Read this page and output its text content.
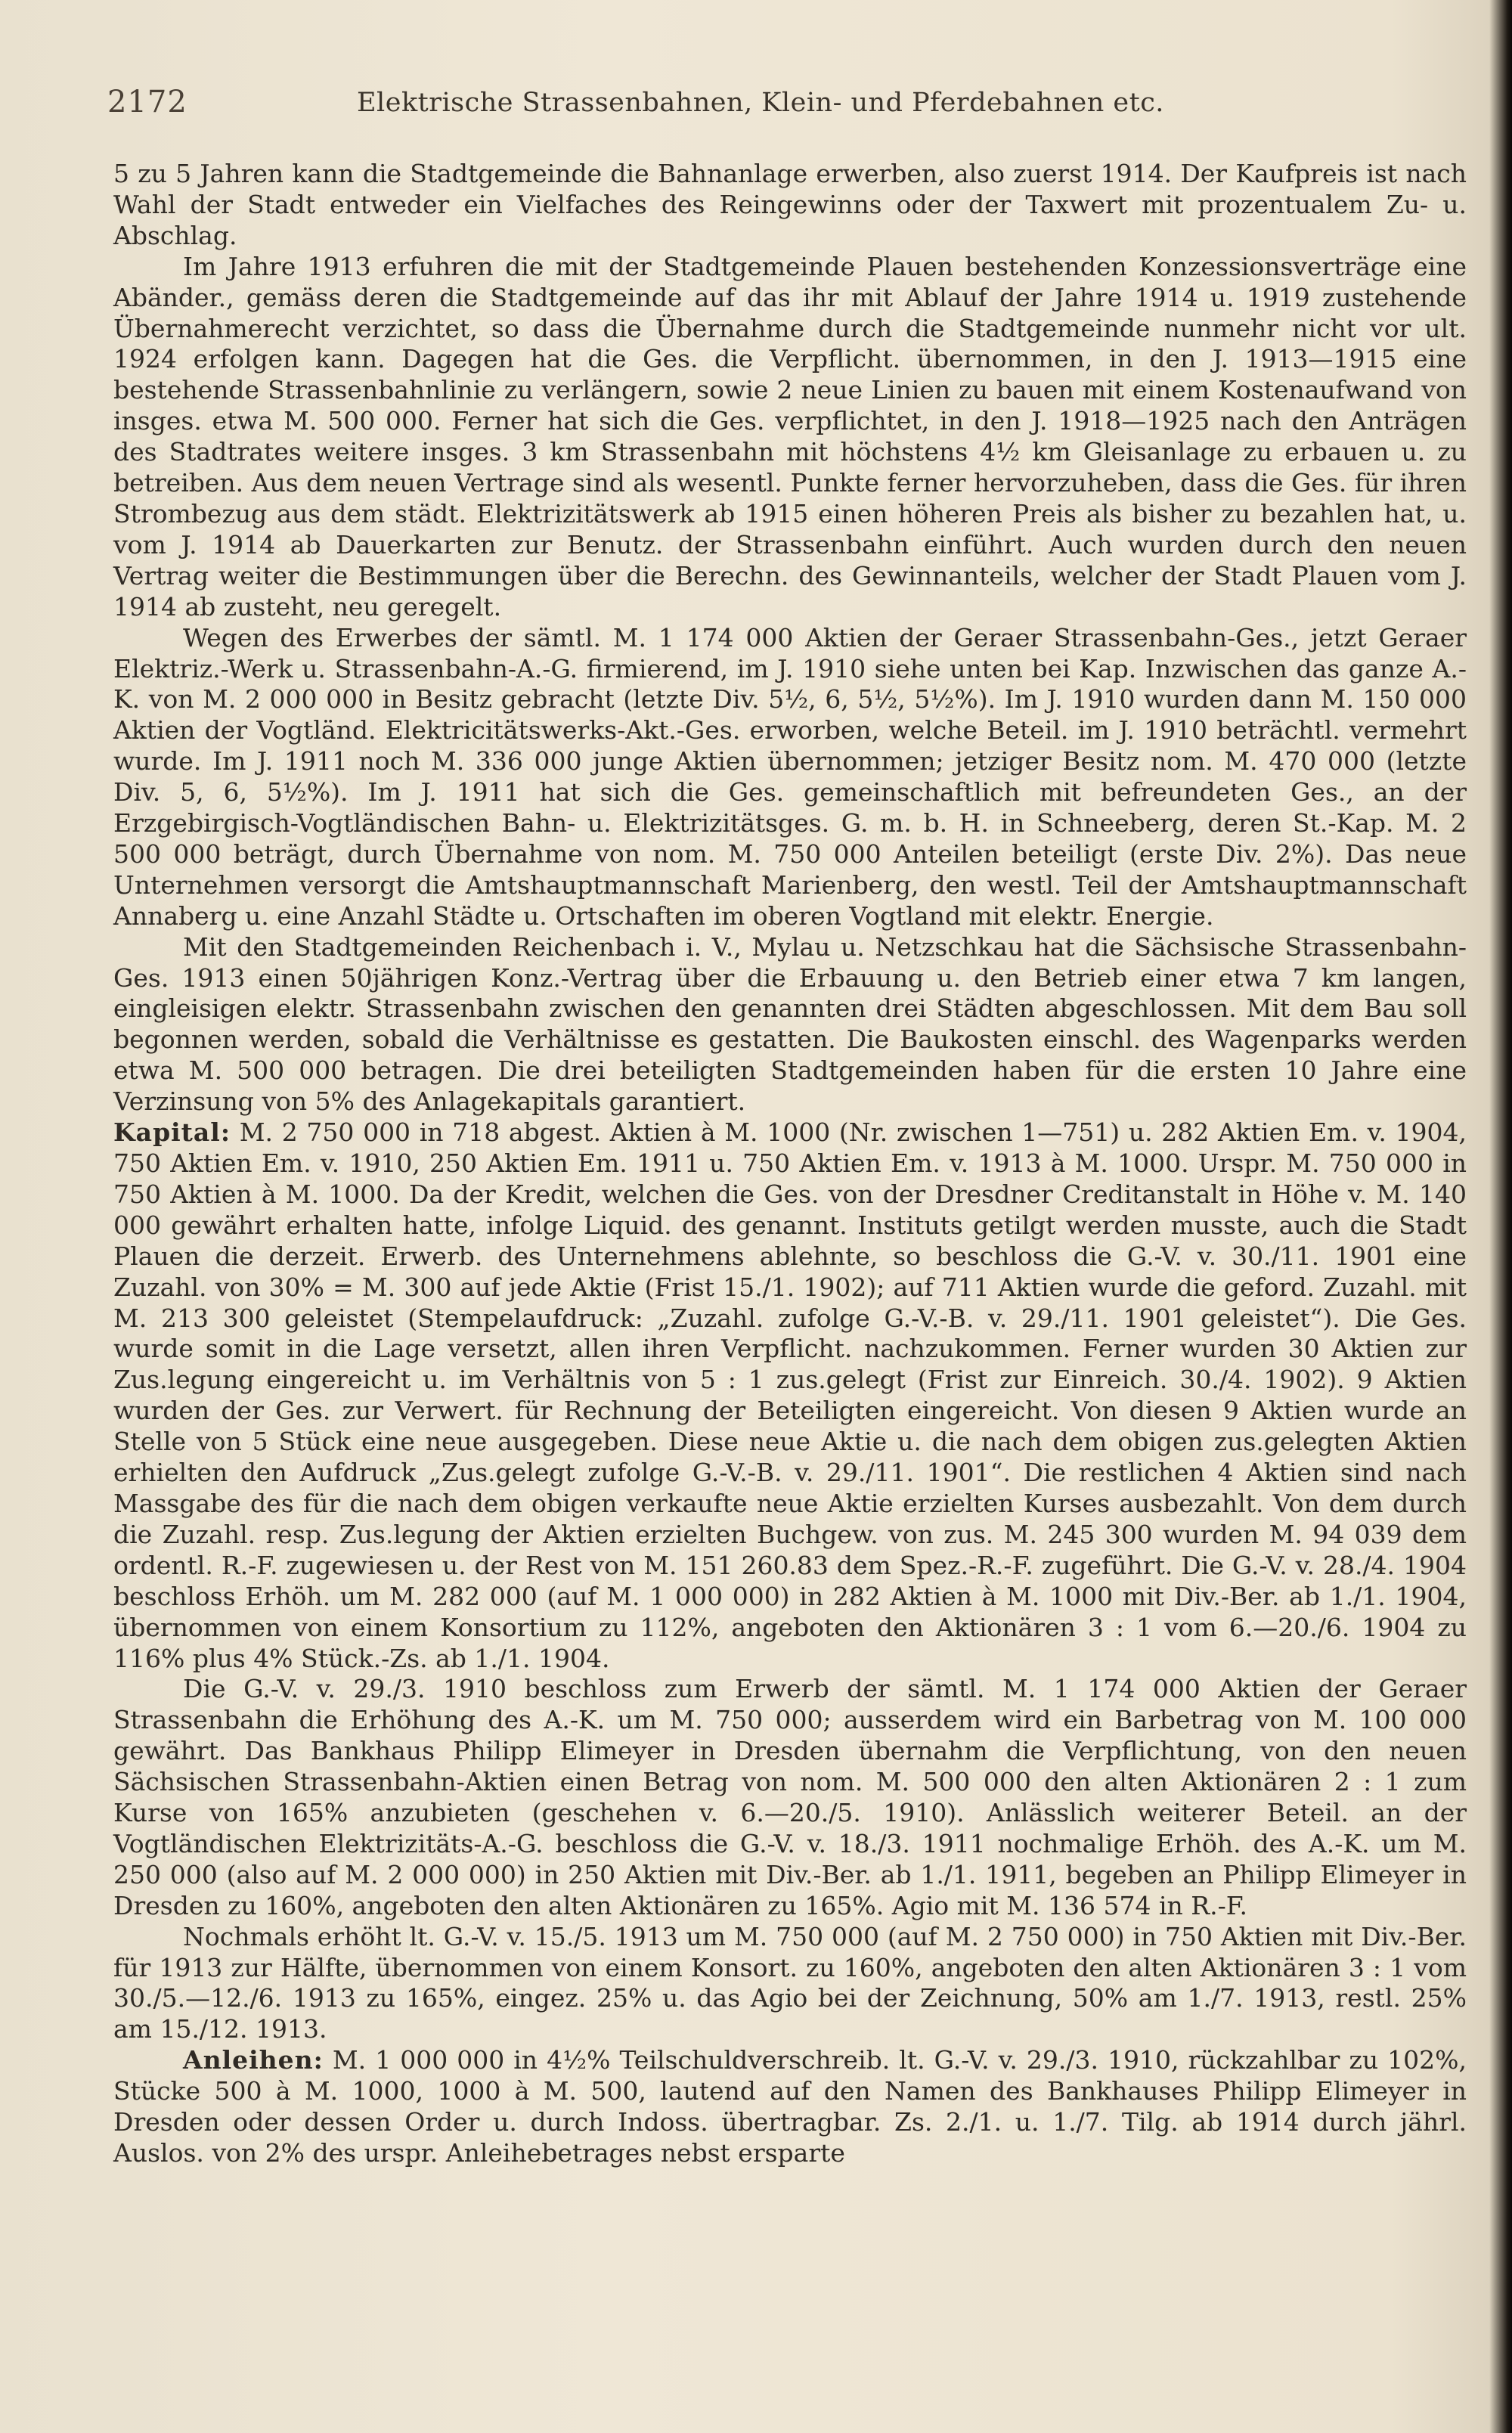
2172	Elektrische Strassenbahnen, Klein- und Pferdebahnen etc.

5 zu 5 Jahren kann die Stadtgemeinde die Bahnanlage erwerben, also zuerst 1914. Der Kaufpreis ist nach Wahl der Stadt entweder ein Vielfaches des Reingewinns oder der Taxwert mit prozentualem Zu- u. Abschlag.

Im Jahre 1913 erfuhren die mit der Stadtgemeinde Plauen bestehenden Konzessionsverträge eine Abänder., gemäss deren die Stadtgemeinde auf das ihr mit Ablauf der Jahre 1914 u. 1919 zustehende Übernahmerecht verzichtet, so dass die Übernahme durch die Stadtgemeinde nunmehr nicht vor ult. 1924 erfolgen kann. Dagegen hat die Ges. die Verpflicht. übernommen, in den J. 1913—1915 eine bestehende Strassenbahnlinie zu verlängern, sowie 2 neue Linien zu bauen mit einem Kostenaufwand von insges. etwa M. 500 000. Ferner hat sich die Ges. verpflichtet, in den J. 1918—1925 nach den Anträgen des Stadtrates weitere insges. 3 km Strassenbahn mit höchstens 4½ km Gleisanlage zu erbauen u. zu betreiben. Aus dem neuen Vertrage sind als wesentl. Punkte ferner hervorzuheben, dass die Ges. für ihren Strombezug aus dem städt. Elektrizitätswerk ab 1915 einen höheren Preis als bisher zu bezahlen hat, u. vom J. 1914 ab Dauerkarten zur Benutz. der Strassenbahn einführt. Auch wurden durch den neuen Vertrag weiter die Bestimmungen über die Berechn. des Gewinnanteils, welcher der Stadt Plauen vom J. 1914 ab zusteht, neu geregelt.

Wegen des Erwerbes der sämtl. M. 1 174 000 Aktien der Geraer Strassenbahn-Ges., jetzt Geraer Elektriz.-Werk u. Strassenbahn-A.-G. firmierend, im J. 1910 siehe unten bei Kap. Inzwischen das ganze A.-K. von M. 2 000 000 in Besitz gebracht (letzte Div. 5½, 6, 5½, 5½%). Im J. 1910 wurden dann M. 150 000 Aktien der Vogtländ. Elektricitätswerks-Akt.-Ges. erworben, welche Beteil. im J. 1910 beträchtl. vermehrt wurde. Im J. 1911 noch M. 336 000 junge Aktien übernommen; jetziger Besitz nom. M. 470 000 (letzte Div. 5, 6, 5½%). Im J. 1911 hat sich die Ges. gemeinschaftlich mit befreundeten Ges., an der Erzgebirgisch-Vogtländischen Bahn- u. Elektrizitätsges. G. m. b. H. in Schneeberg, deren St.-Kap. M. 2 500 000 beträgt, durch Übernahme von nom. M. 750 000 Anteilen beteiligt (erste Div. 2%). Das neue Unternehmen versorgt die Amtshauptmannschaft Marienberg, den westl. Teil der Amtshauptmannschaft Annaberg u. eine Anzahl Städte u. Ortschaften im oberen Vogtland mit elektr. Energie.

Mit den Stadtgemeinden Reichenbach i. V., Mylau u. Netzschkau hat die Sächsische Strassenbahn-Ges. 1913 einen 50jährigen Konz.-Vertrag über die Erbauung u. den Betrieb einer etwa 7 km langen, eingleisigen elektr. Strassenbahn zwischen den genannten drei Städten abgeschlossen. Mit dem Bau soll begonnen werden, sobald die Verhältnisse es gestatten. Die Baukosten einschl. des Wagenparks werden etwa M. 500 000 betragen. Die drei beteiligten Stadtgemeinden haben für die ersten 10 Jahre eine Verzinsung von 5% des Anlagekapitals garantiert.

Kapital: M. 2 750 000 in 718 abgest. Aktien à M. 1000 (Nr. zwischen 1—751) u. 282 Aktien Em. v. 1904, 750 Aktien Em. v. 1910, 250 Aktien Em. 1911 u. 750 Aktien Em. v. 1913 à M. 1000. Urspr. M. 750 000 in 750 Aktien à M. 1000. Da der Kredit, welchen die Ges. von der Dresdner Creditanstalt in Höhe v. M. 140 000 gewährt erhalten hatte, infolge Liquid. des genannt. Instituts getilgt werden musste, auch die Stadt Plauen die derzeit. Erwerb. des Unternehmens ablehnte, so beschloss die G.-V. v. 30./11. 1901 eine Zuzahl. von 30% = M. 300 auf jede Aktie (Frist 15./1. 1902); auf 711 Aktien wurde die geford. Zuzahl. mit M. 213 300 geleistet (Stempelaufdruck: „Zuzahl. zufolge G.-V.-B. v. 29./11. 1901 geleistet“). Die Ges. wurde somit in die Lage versetzt, allen ihren Verpflicht. nachzukommen. Ferner wurden 30 Aktien zur Zus.legung eingereicht u. im Verhältnis von 5 : 1 zus.gelegt (Frist zur Einreich. 30./4. 1902). 9 Aktien wurden der Ges. zur Verwert. für Rechnung der Beteiligten eingereicht. Von diesen 9 Aktien wurde an Stelle von 5 Stück eine neue ausgegeben. Diese neue Aktie u. die nach dem obigen zus.gelegten Aktien erhielten den Aufdruck „Zus.gelegt zufolge G.-V.-B. v. 29./11. 1901“. Die restlichen 4 Aktien sind nach Massgabe des für die nach dem obigen verkaufte neue Aktie erzielten Kurses ausbezahlt. Von dem durch die Zuzahl. resp. Zus.legung der Aktien erzielten Buchgew. von zus. M. 245 300 wurden M. 94 039 dem ordentl. R.-F. zugewiesen u. der Rest von M. 151 260.83 dem Spez.-R.-F. zugeführt. Die G.-V. v. 28./4. 1904 beschloss Erhöh. um M. 282 000 (auf M. 1 000 000) in 282 Aktien à M. 1000 mit Div.-Ber. ab 1./1. 1904, übernommen von einem Konsortium zu 112%, angeboten den Aktionären 3 : 1 vom 6.—20./6. 1904 zu 116% plus 4% Stück.-Zs. ab 1./1. 1904.

Die G.-V. v. 29./3. 1910 beschloss zum Erwerb der sämtl. M. 1 174 000 Aktien der Geraer Strassenbahn die Erhöhung des A.-K. um M. 750 000; ausserdem wird ein Barbetrag von M. 100 000 gewährt. Das Bankhaus Philipp Elimeyer in Dresden übernahm die Verpflichtung, von den neuen Sächsischen Strassenbahn-Aktien einen Betrag von nom. M. 500 000 den alten Aktionären 2 : 1 zum Kurse von 165% anzubieten (geschehen v. 6.—20./5. 1910). Anlässlich weiterer Beteil. an der Vogtländischen Elektrizitäts-A.-G. beschloss die G.-V. v. 18./3. 1911 nochmalige Erhöh. des A.-K. um M. 250 000 (also auf M. 2 000 000) in 250 Aktien mit Div.-Ber. ab 1./1. 1911, begeben an Philipp Elimeyer in Dresden zu 160%, angeboten den alten Aktionären zu 165%. Agio mit M. 136 574 in R.-F.

Nochmals erhöht lt. G.-V. v. 15./5. 1913 um M. 750 000 (auf M. 2 750 000) in 750 Aktien mit Div.-Ber. für 1913 zur Hälfte, übernommen von einem Konsort. zu 160%, angeboten den alten Aktionären 3 : 1 vom 30./5.—12./6. 1913 zu 165%, eingez. 25% u. das Agio bei der Zeichnung, 50% am 1./7. 1913, restl. 25% am 15./12. 1913.

Anleihen: M. 1 000 000 in 4½% Teilschuldverschreib. lt. G.-V. v. 29./3. 1910, rückzahlbar zu 102%, Stücke 500 à M. 1000, 1000 à M. 500, lautend auf den Namen des Bankhauses Philipp Elimeyer in Dresden oder dessen Order u. durch Indoss. übertragbar. Zs. 2./1. u. 1./7. Tilg. ab 1914 durch jährl. Auslos. von 2% des urspr. Anleihebetrages nebst ersparte
